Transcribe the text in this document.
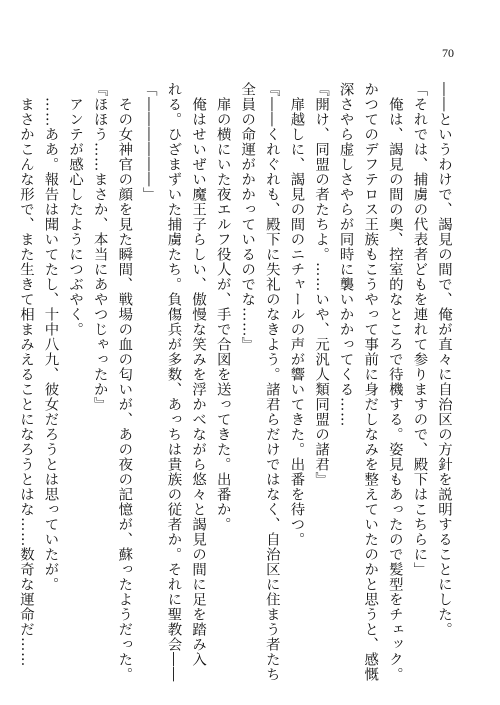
70
――というわけで、謁見の間で、俺が直々に自治区の方針を説明することにした。
「それでは、捕虜の代表者どもを連れて参りますので、殿下はこちらに」
　俺は、謁見の間の奥、控室的なところで待機する。姿見もあったので髪型をチェック。
かつてのデフテロス王族もこうやって事前に身だしなみを整えていたのかと思うと、感慨
深さやら虚しさやらが同時に襲いかかってくる……
『開け、同盟の者たちよ。……いや、元汎人類同盟の諸君』
　扉越しに、謁見の間のニチャールの声が響いてきた。出番を待つ。
『――くれぐれも、殿下に失礼のなきよう。諸君らだけではなく、自治区に住まう者たち
全員の命運がかかっているのでな……』
　扉の横にいた夜エルフ役人が、手で合図を送ってきた。出番か。
　俺はせいぜい魔王子らしい、傲慢な笑みを浮かべながら悠々と謁見の間に足を踏み入
れる。ひざまずいた捕虜たち。負傷兵が多数、あっちは貴族の従者か。それに聖教会――
「――――――」
　その女神官の顔を見た瞬間、戦場の血の匂いが、あの夜の記憶が、蘇ったようだった。
『ほほう……まさか、本当にあやつじゃったか』
　アンテが感心したようにつぶやく。
　……ああ。報告は聞いてたし、十中八九、彼女だろうとは思っていたが。
　まさかこんな形で、また生きて相まみえることになろうとはな……数奇な運命だ……
